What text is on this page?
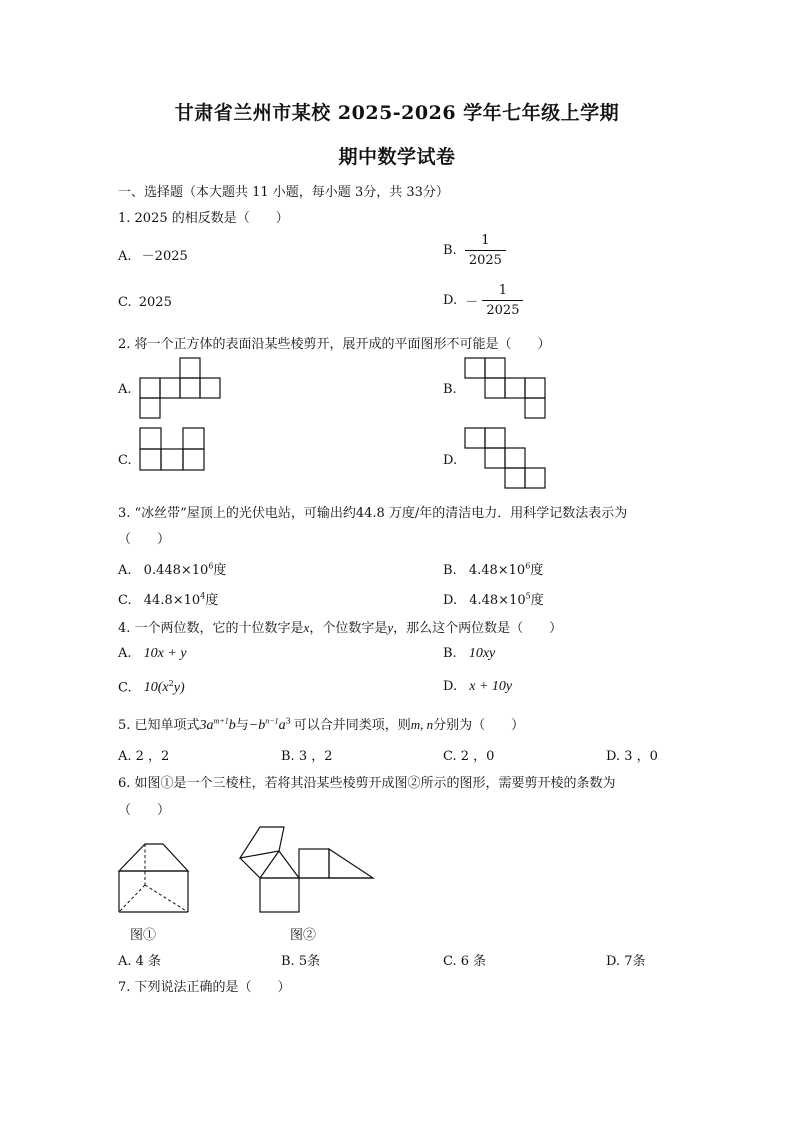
甘肃省兰州市某校 2025-2026 学年七年级上学期
期中数学试卷
一、选择题（本大题共 11 小题，每小题 3分，共 33分）
1. 2025 的相反数是（　　）
A. －2025	B. $\frac{1}{2025}$
C. 2025	D. － $\frac{1}{2025}$
2. 将一个正方体的表面沿某些棱剪开，展开成的平面图形不可能是（　　）
A.	B.
C.	D.
3. “冰丝带”屋顶上的光伏电站，可输出约44.8 万度/年的清洁电力．用科学记数法表示为
（　　）
A. $0.448\times 10^6$度	B. $4.48\times 10^6$度
C. $44.8\times 10^4$度	D. $4.48\times 10^5$度
4. 一个两位数，它的十位数字是x，个位数字是y，那么这个两位数是（　　）
A. 10x + y	B. 10xy
C. $10(x^2y)$	D. x + 10y
5. 已知单项式$3a^{m+1}b$与$-b^{n-1}a^3$ 可以合并同类项，则m, n分别为（　　）
A. 2 ，2	B. 3 ，2	C. 2 ，0	D. 3 ，0
6. 如图①是一个三棱柱，若将其沿某些棱剪开成图②所示的图形，需要剪开棱的条数为
（　　）
图①	图②
A. 4 条	B. 5条	C. 6 条	D. 7条
7. 下列说法正确的是（　　）
